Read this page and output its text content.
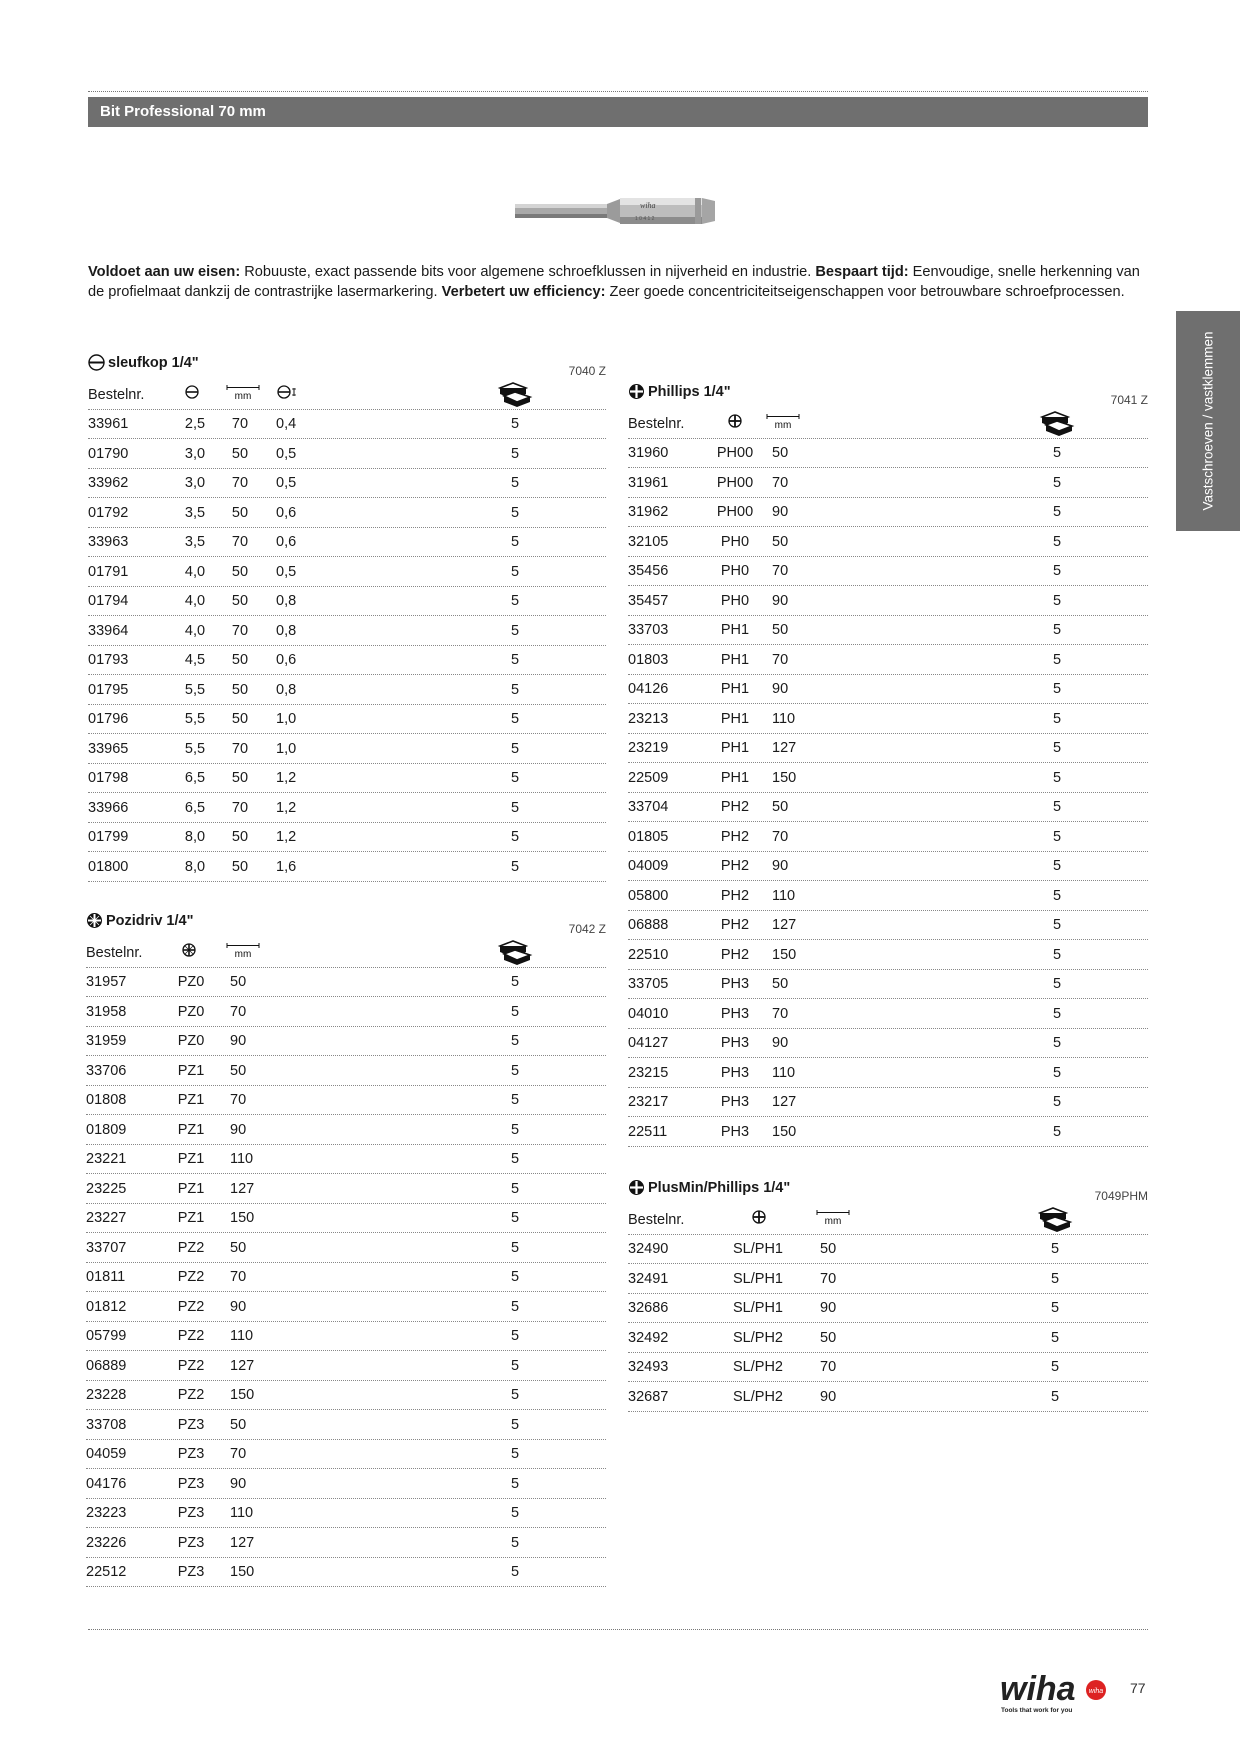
Bit Professional 70 mm
wiha
1 0 4 1 2

Voldoet aan uw eisen: Robuuste, exact passende bits voor algemene schroefklussen in nijverheid en industrie. Bespaart tijd: Eenvoudige, snelle herkenning van de profielmaat dankzij de contrastrijke lasermarkering. Verbetert uw efficiency: Zeer goede concentriciteitseigenschappen voor betrouwbare schroefprocessen.

Vastschroeven / vastklemmen
sleufkop 1/4"
7040 Z
Bestelnr.	mm
33961	2,5 70 0,4	5
01790	3,0 50 0,5	5
33962	3,0 70 0,5	5
01792	3,5 50 0,6	5
33963	3,5 70 0,6	5
01791	4,0 50 0,5	5
01794	4,0 50 0,8	5
33964	4,0 70 0,8	5
01793	4,5 50 0,6	5
01795	5,5 50 0,8	5
01796	5,5 50 1,0	5
33965	5,5 70 1,0	5
01798	6,5 50 1,2	5
33966	6,5 70 1,2	5
01799	8,0 50 1,2	5
01800	8,0 50 1,6	5
Pozidriv 1/4"
7042 Z
Bestelnr.	mm
31957	PZ0 50	5
31958	PZ0 70	5
31959	PZ0 90	5
33706	PZ1 50	5
01808	PZ1 70	5
01809	PZ1 90	5
23221	PZ1 110	5
23225	PZ1 127	5
23227	PZ1 150	5
33707	PZ2 50	5
01811	PZ2 70	5
01812	PZ2 90	5
05799	PZ2 110	5
06889	PZ2 127	5
23228	PZ2 150	5
33708	PZ3 50	5
04059	PZ3 70	5
04176	PZ3 90	5
23223	PZ3 110	5
23226	PZ3 127	5
22512	PZ3 150	5
Phillips 1/4"
7041 Z
Bestelnr.	mm
31960	PH00 50	5
31961	PH00 70	5
31962	PH00 90	5
32105	PH0 50	5
35456	PH0 70	5
35457	PH0 90	5
33703	PH1 50	5
01803	PH1 70	5
04126	PH1 90	5
23213	PH1 110	5
23219	PH1 127	5
22509	PH1 150	5
33704	PH2 50	5
01805	PH2 70	5
04009	PH2 90	5
05800	PH2 110	5
06888	PH2 127	5
22510	PH2 150	5
33705	PH3 50	5
04010	PH3 70	5
04127	PH3 90	5
23215	PH3 110	5
23217	PH3 127	5
22511	PH3 150	5
PlusMin/Phillips 1/4"
7049PHM
Bestelnr.	mm
32490	SL/PH1	50	5
32491	SL/PH1	70	5
32686	SL/PH1	90	5
32492	SL/PH2	50	5
32493	SL/PH2	70	5
32687	SL/PH2	90	5
wiha wiha
Tools that work for you
77
